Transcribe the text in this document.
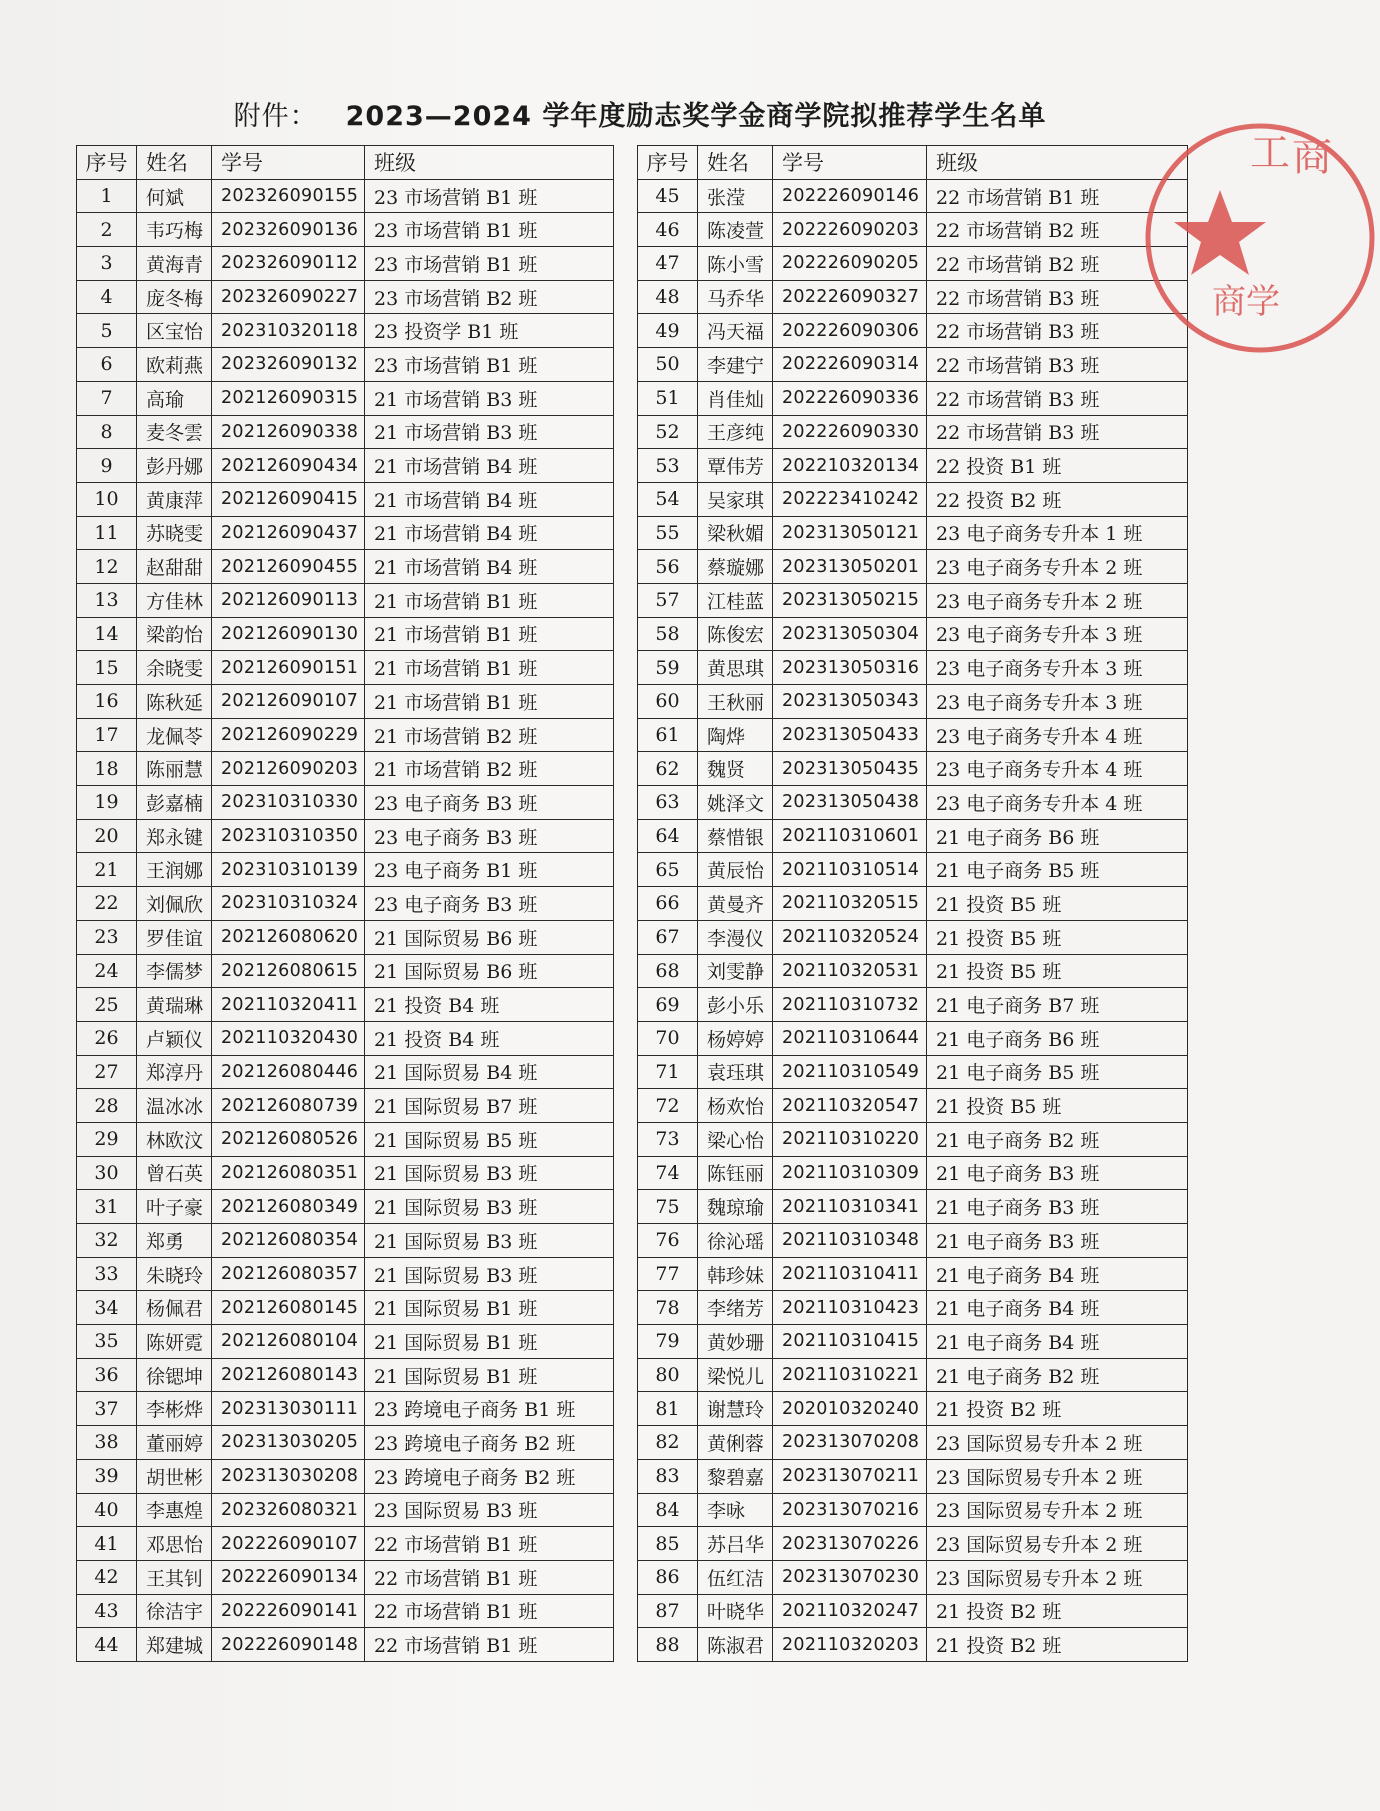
附件： 2023—2024 学年度励志奖学金商学院拟推荐学生名单
序号	姓名	学号	班级
1	何斌	202326090155	23 市场营销 B1 班
2	韦巧梅	202326090136	23 市场营销 B1 班
3	黄海青	202326090112	23 市场营销 B1 班
4	庞冬梅	202326090227	23 市场营销 B2 班
5	区宝怡	202310320118	23 投资学 B1 班
6	欧莉燕	202326090132	23 市场营销 B1 班
7	高瑜	202126090315	21 市场营销 B3 班
8	麦冬雲	202126090338	21 市场营销 B3 班
9	彭丹娜	202126090434	21 市场营销 B4 班
10	黄康萍	202126090415	21 市场营销 B4 班
11	苏晓雯	202126090437	21 市场营销 B4 班
12	赵甜甜	202126090455	21 市场营销 B4 班
13	方佳林	202126090113	21 市场营销 B1 班
14	梁韵怡	202126090130	21 市场营销 B1 班
15	余晓雯	202126090151	21 市场营销 B1 班
16	陈秋延	202126090107	21 市场营销 B1 班
17	龙佩苓	202126090229	21 市场营销 B2 班
18	陈丽慧	202126090203	21 市场营销 B2 班
19	彭嘉楠	202310310330	23 电子商务 B3 班
20	郑永键	202310310350	23 电子商务 B3 班
21	王润娜	202310310139	23 电子商务 B1 班
22	刘佩欣	202310310324	23 电子商务 B3 班
23	罗佳谊	202126080620	21 国际贸易 B6 班
24	李儒梦	202126080615	21 国际贸易 B6 班
25	黄瑞琳	202110320411	21 投资 B4 班
26	卢颖仪	202110320430	21 投资 B4 班
27	郑淳丹	202126080446	21 国际贸易 B4 班
28	温冰冰	202126080739	21 国际贸易 B7 班
29	林欧汶	202126080526	21 国际贸易 B5 班
30	曾石英	202126080351	21 国际贸易 B3 班
31	叶子豪	202126080349	21 国际贸易 B3 班
32	郑勇	202126080354	21 国际贸易 B3 班
33	朱晓玲	202126080357	21 国际贸易 B3 班
34	杨佩君	202126080145	21 国际贸易 B1 班
35	陈妍霓	202126080104	21 国际贸易 B1 班
36	徐锶坤	202126080143	21 国际贸易 B1 班
37	李彬烨	202313030111	23 跨境电子商务 B1 班
38	董丽婷	202313030205	23 跨境电子商务 B2 班
39	胡世彬	202313030208	23 跨境电子商务 B2 班
40	李惠煌	202326080321	23 国际贸易 B3 班
41	邓思怡	202226090107	22 市场营销 B1 班
42	王其钊	202226090134	22 市场营销 B1 班
43	徐洁宇	202226090141	22 市场营销 B1 班
44	郑建城	202226090148	22 市场营销 B1 班
序号	姓名	学号	班级
45	张滢	202226090146	22 市场营销 B1 班
46	陈凌萱	202226090203	22 市场营销 B2 班
47	陈小雪	202226090205	22 市场营销 B2 班
48	马乔华	202226090327	22 市场营销 B3 班
49	冯天福	202226090306	22 市场营销 B3 班
50	李建宁	202226090314	22 市场营销 B3 班
51	肖佳灿	202226090336	22 市场营销 B3 班
52	王彦纯	202226090330	22 市场营销 B3 班
53	覃伟芳	202210320134	22 投资 B1 班
54	吴家琪	202223410242	22 投资 B2 班
55	梁秋媚	202313050121	23 电子商务专升本 1 班
56	蔡璇娜	202313050201	23 电子商务专升本 2 班
57	江桂蓝	202313050215	23 电子商务专升本 2 班
58	陈俊宏	202313050304	23 电子商务专升本 3 班
59	黄思琪	202313050316	23 电子商务专升本 3 班
60	王秋丽	202313050343	23 电子商务专升本 3 班
61	陶烨	202313050433	23 电子商务专升本 4 班
62	魏贤	202313050435	23 电子商务专升本 4 班
63	姚泽文	202313050438	23 电子商务专升本 4 班
64	蔡惜银	202110310601	21 电子商务 B6 班
65	黄辰怡	202110310514	21 电子商务 B5 班
66	黄曼齐	202110320515	21 投资 B5 班
67	李漫仪	202110320524	21 投资 B5 班
68	刘雯静	202110320531	21 投资 B5 班
69	彭小乐	202110310732	21 电子商务 B7 班
70	杨婷婷	202110310644	21 电子商务 B6 班
71	袁珏琪	202110310549	21 电子商务 B5 班
72	杨欢怡	202110320547	21 投资 B5 班
73	梁心怡	202110310220	21 电子商务 B2 班
74	陈钰丽	202110310309	21 电子商务 B3 班
75	魏琼瑜	202110310341	21 电子商务 B3 班
76	徐沁瑶	202110310348	21 电子商务 B3 班
77	韩珍妹	202110310411	21 电子商务 B4 班
78	李绪芳	202110310423	21 电子商务 B4 班
79	黄妙珊	202110310415	21 电子商务 B4 班
80	梁悦儿	202110310221	21 电子商务 B2 班
81	谢慧玲	202010320240	21 投资 B2 班
82	黄俐蓉	202313070208	23 国际贸易专升本 2 班
83	黎碧嘉	202313070211	23 国际贸易专升本 2 班
84	李咏	202313070216	23 国际贸易专升本 2 班
85	苏吕华	202313070226	23 国际贸易专升本 2 班
86	伍红洁	202313070230	23 国际贸易专升本 2 班
87	叶晓华	202110320247	21 投资 B2 班
88	陈淑君	202110320203	21 投资 B2 班
工 商
商学
